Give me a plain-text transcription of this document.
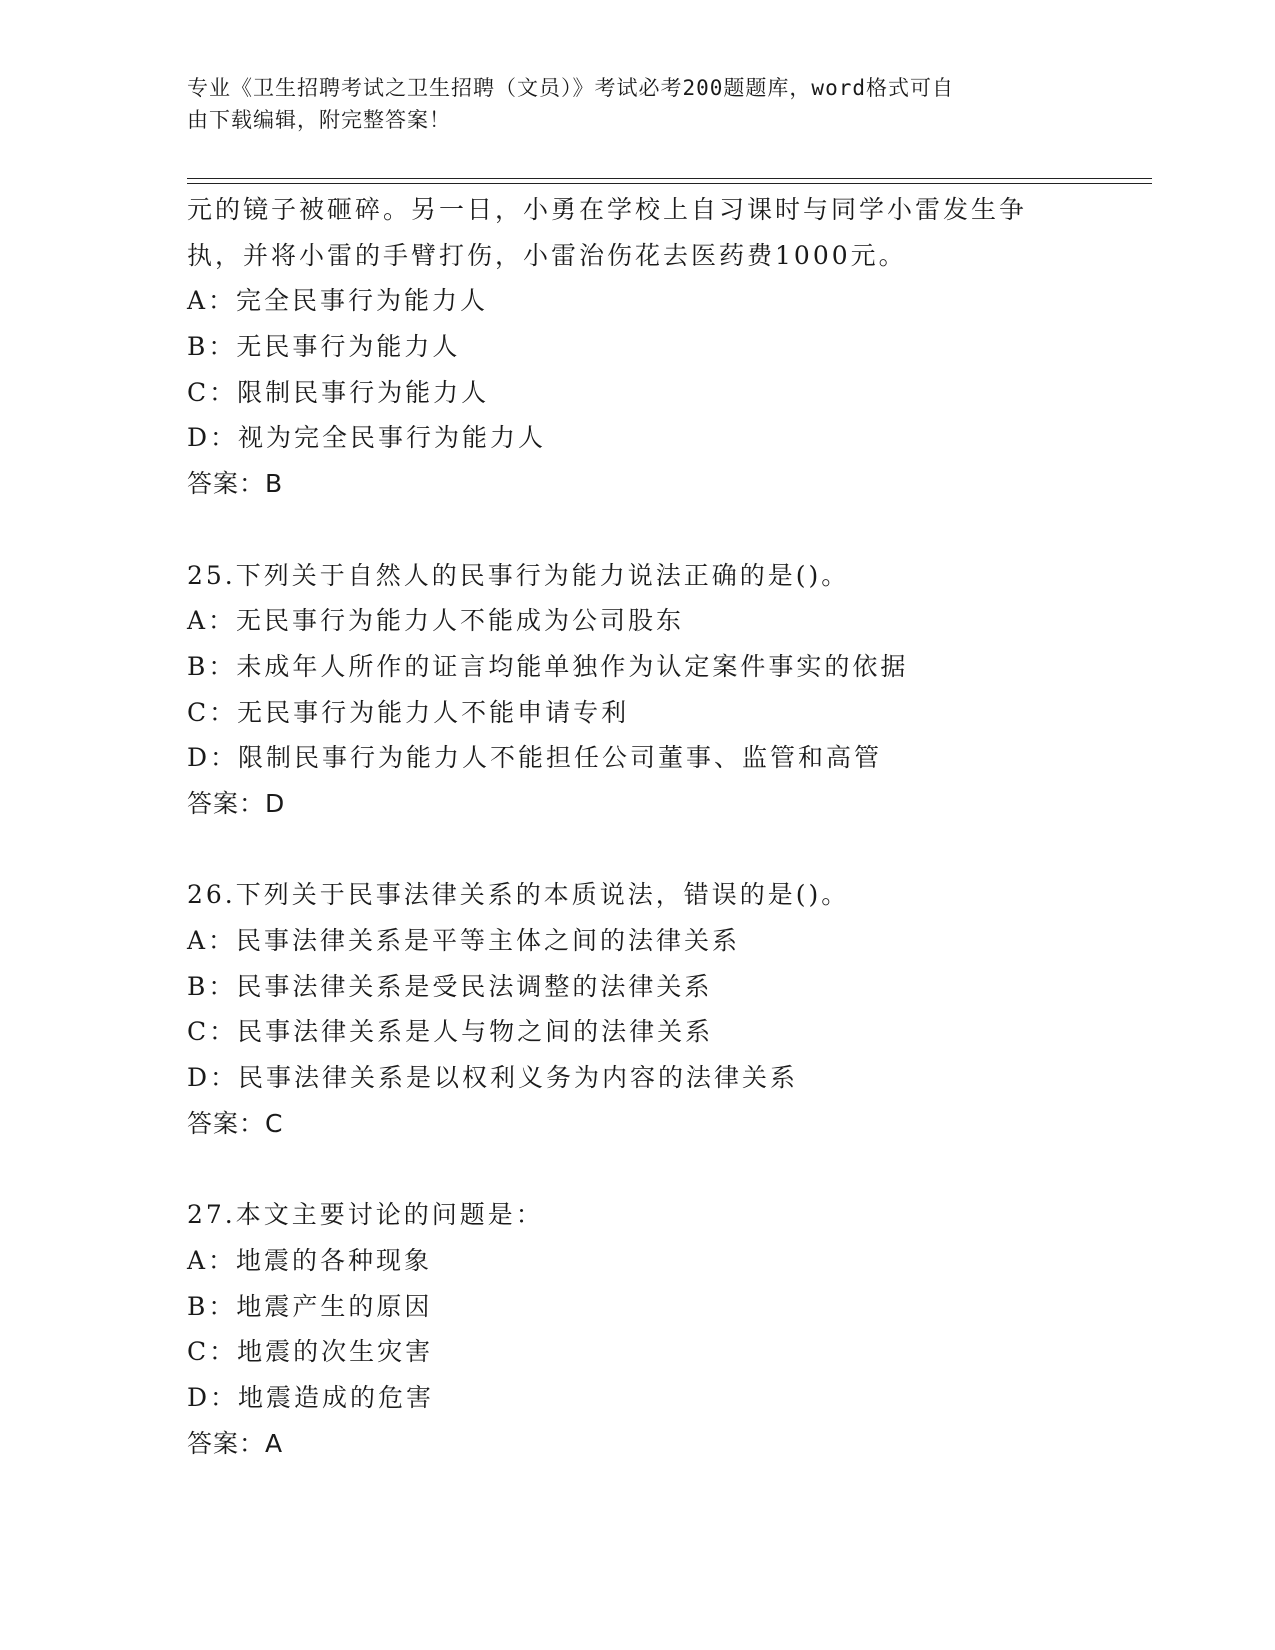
专业《卫生招聘考试之卫生招聘（文员）》考试必考200题题库，word格式可自
由下载编辑，附完整答案！
元的镜子被砸碎。另一日，小勇在学校上自习课时与同学小雷发生争
执，并将小雷的手臂打伤，小雷治伤花去医药费1000元。
A：完全民事行为能力人
B：无民事行为能力人
C：限制民事行为能力人
D：视为完全民事行为能力人
答案：B
25.下列关于自然人的民事行为能力说法正确的是()。
A：无民事行为能力人不能成为公司股东
B：未成年人所作的证言均能单独作为认定案件事实的依据
C：无民事行为能力人不能申请专利
D：限制民事行为能力人不能担任公司董事、监管和高管
答案：D
26.下列关于民事法律关系的本质说法，错误的是()。
A：民事法律关系是平等主体之间的法律关系
B：民事法律关系是受民法调整的法律关系
C：民事法律关系是人与物之间的法律关系
D：民事法律关系是以权利义务为内容的法律关系
答案：C
27.本文主要讨论的问题是：
A：地震的各种现象
B：地震产生的原因
C：地震的次生灾害
D：地震造成的危害
答案：A
